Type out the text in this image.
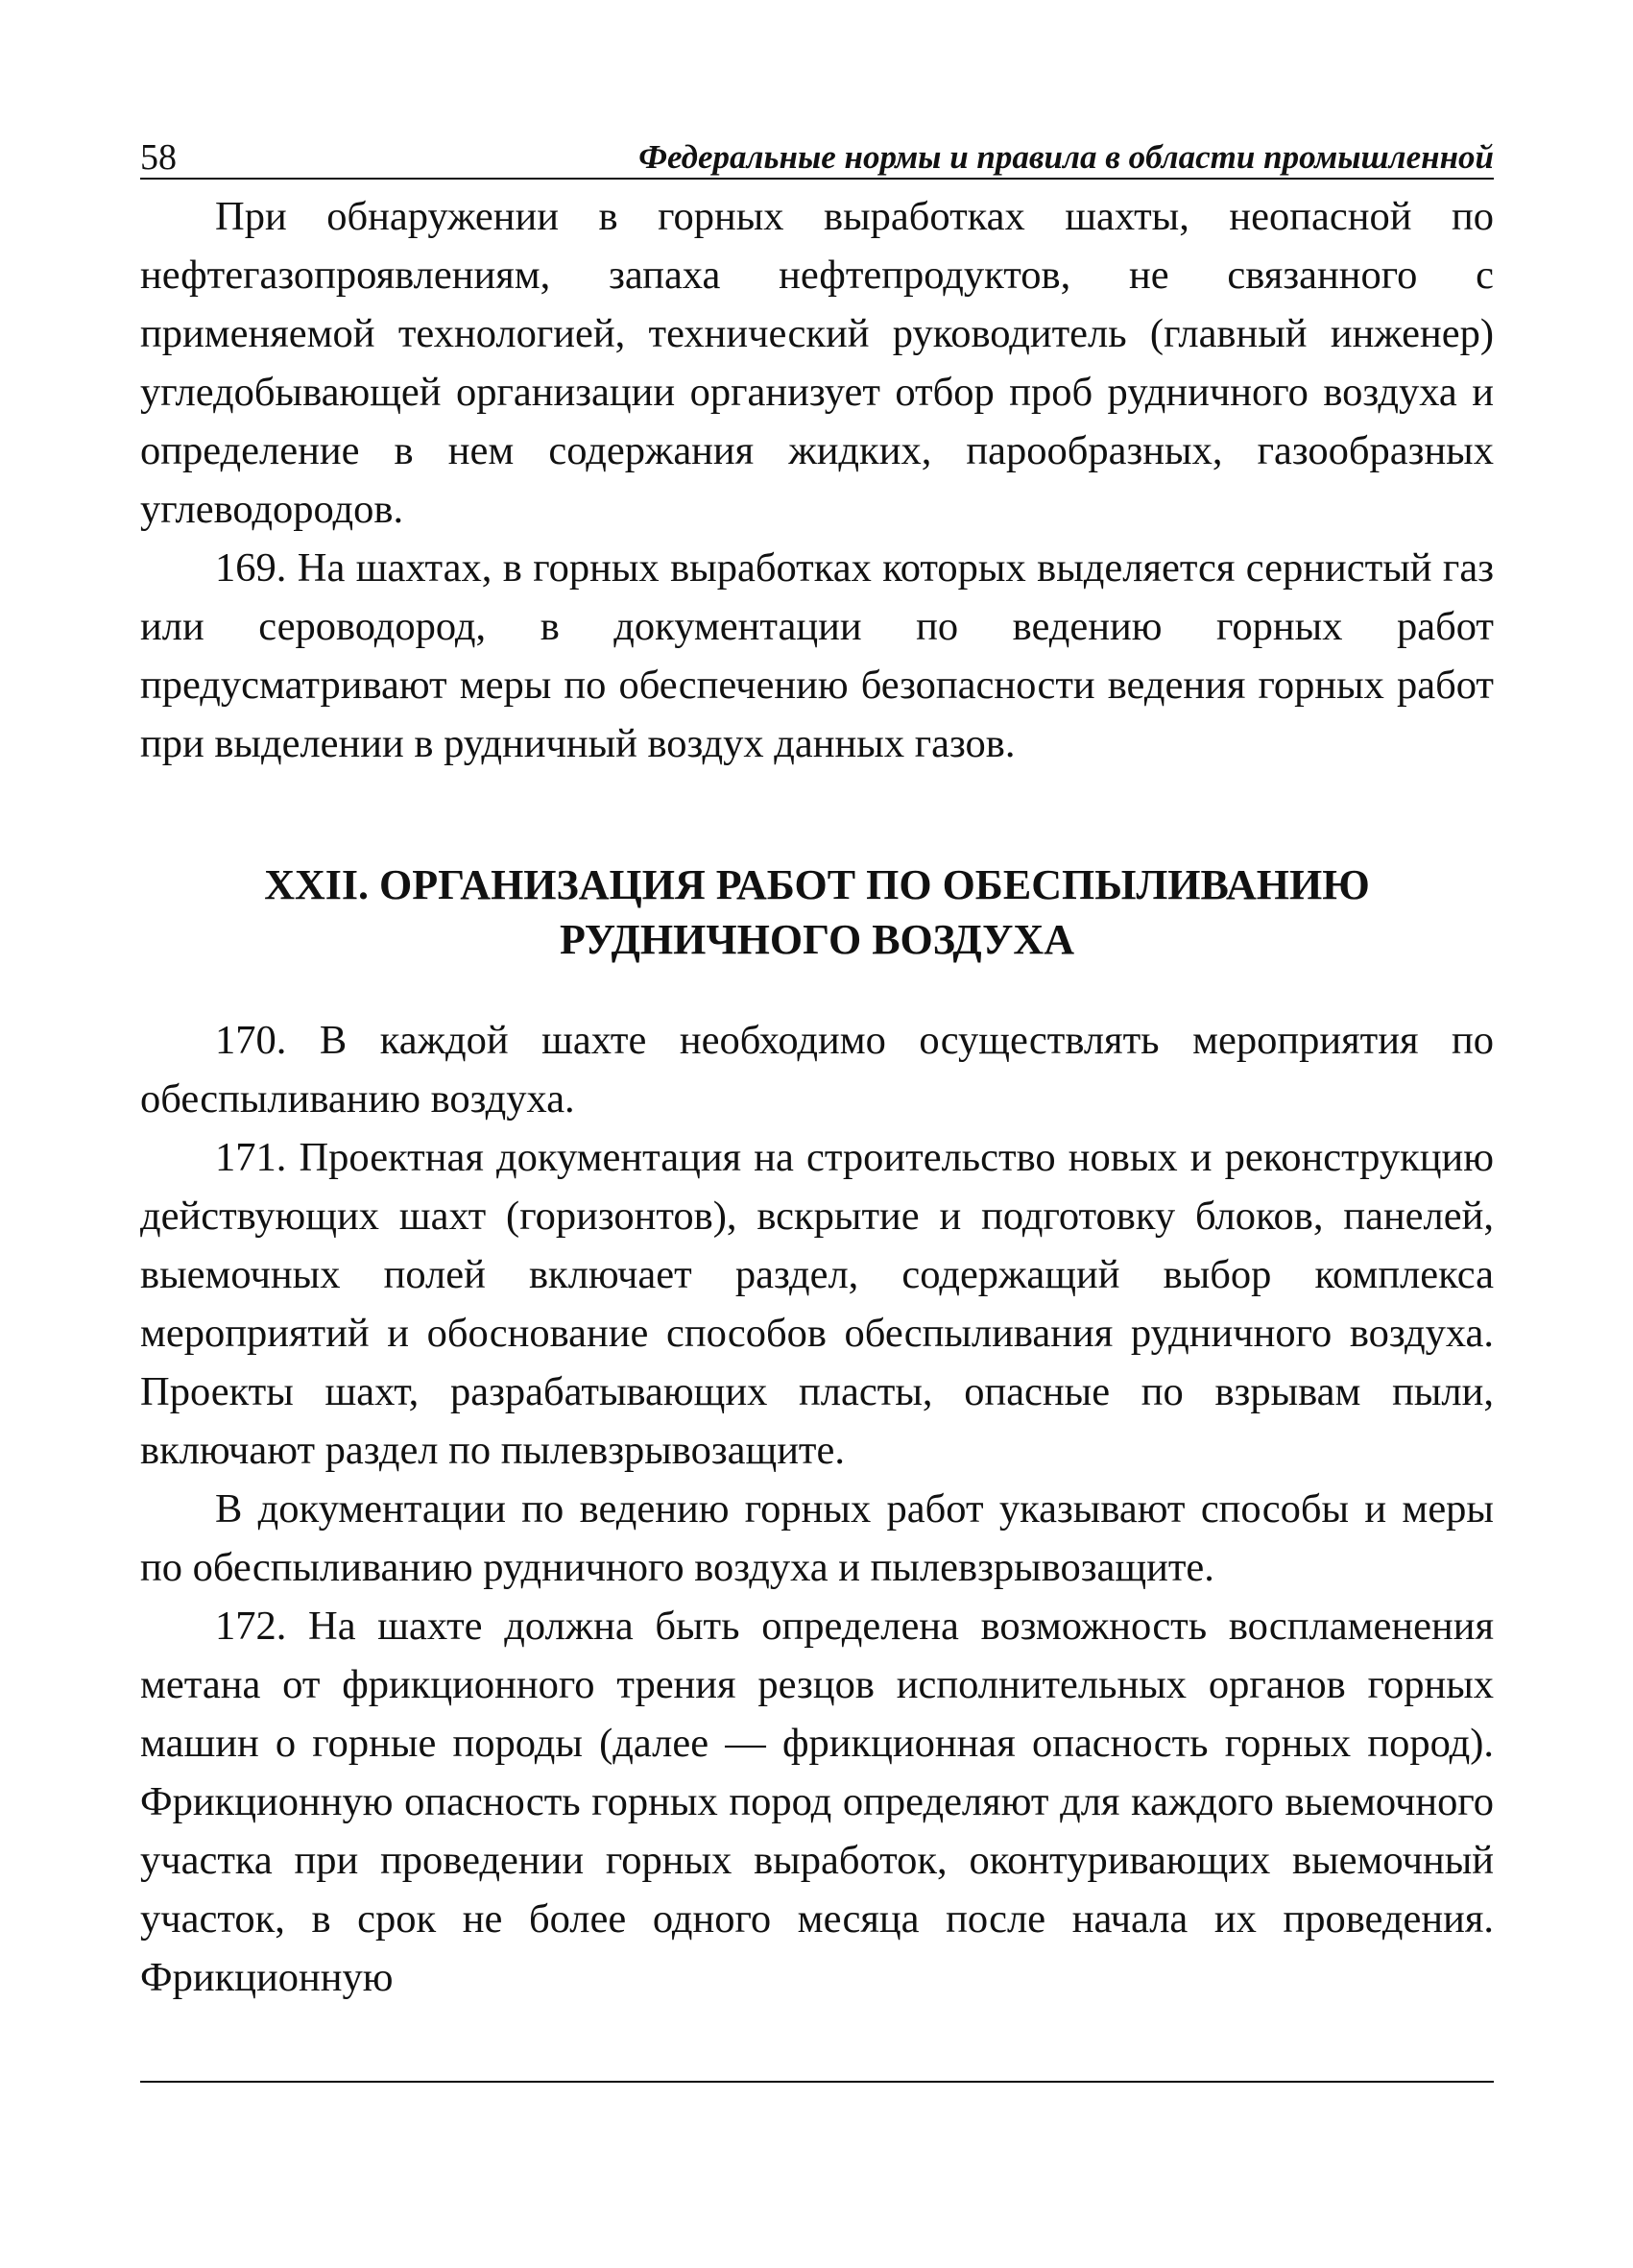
58	Федеральные нормы и правила в области промышленной

При обнаружении в горных выработках шахты, неопасной по нефтегазопроявлениям, запаха нефтепродуктов, не связанного с применяемой технологией, технический руководитель (главный инженер) угледобывающей организации организует отбор проб рудничного воздуха и определение в нем содержания жидких, парообразных, газообразных углеводородов.

169. На шахтах, в горных выработках которых выделяется сернистый газ или сероводород, в документации по ведению горных работ предусматривают меры по обеспечению безопасности ведения горных работ при выделении в рудничный воздух данных газов.

XXII. ОРГАНИЗАЦИЯ РАБОТ ПО ОБЕСПЫЛИВАНИЮ
РУДНИЧНОГО ВОЗДУХА

170. В каждой шахте необходимо осуществлять мероприятия по обеспыливанию воздуха.

171. Проектная документация на строительство новых и реконструкцию действующих шахт (горизонтов), вскрытие и подготовку блоков, панелей, выемочных полей включает раздел, содержащий выбор комплекса мероприятий и обоснование способов обеспыливания рудничного воздуха. Проекты шахт, разрабатывающих пласты, опасные по взрывам пыли, включают раздел по пылевзрывозащите.

В документации по ведению горных работ указывают способы и меры по обеспыливанию рудничного воздуха и пылевзрывозащите.

172. На шахте должна быть определена возможность воспламенения метана от фрикционного трения резцов исполнительных органов горных машин о горные породы (далее — фрикционная опасность горных пород). Фрикционную опасность горных пород определяют для каждого выемочного участка при проведении горных выработок, оконтуривающих выемочный участок, в срок не более одного месяца после начала их проведения. Фрикционную
